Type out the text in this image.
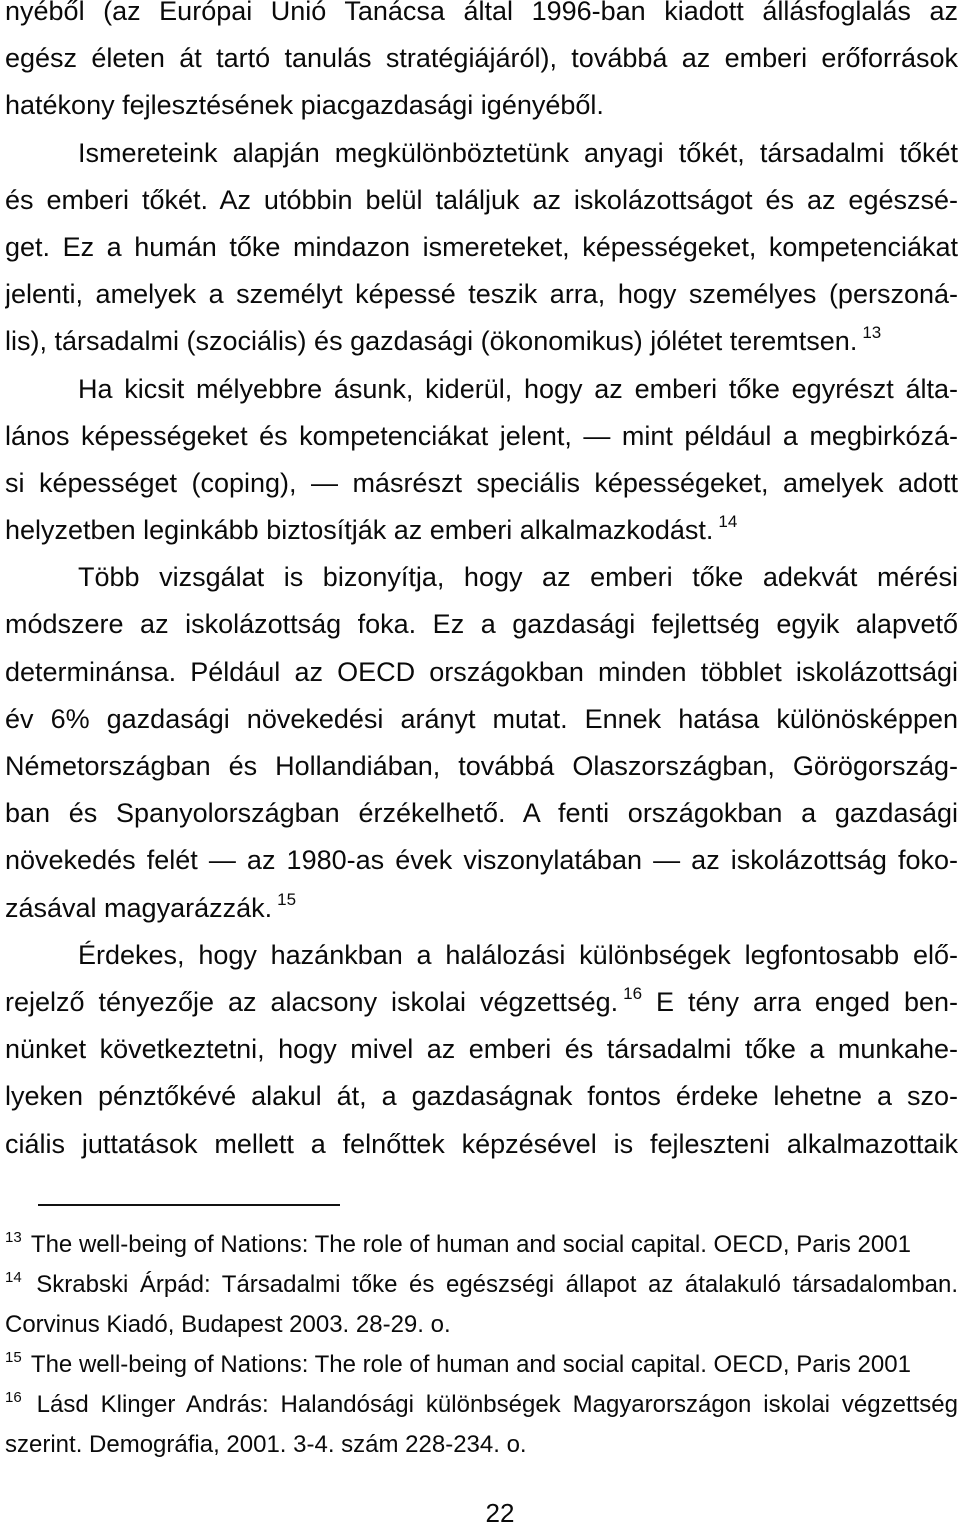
nyéből (az Európai Unió Tanácsa által 1996-ban kiadott állásfoglalás az
egész életen át tartó tanulás stratégiájáról), továbbá az emberi erőforrások
hatékony fejlesztésének piacgazdasági igényéből.
Ismereteink alapján megkülönböztetünk anyagi tőkét, társadalmi tőkét
és emberi tőkét. Az utóbbin belül találjuk az iskolázottságot és az egészsé-
get. Ez a humán tőke mindazon ismereteket, képességeket, kompetenciákat
jelenti, amelyek a személyt képessé teszik arra, hogy személyes (perszoná-
lis), társadalmi (szociális) és gazdasági (ökonomikus) jólétet teremtsen. $^{13}$
Ha kicsit mélyebbre ásunk, kiderül, hogy az emberi tőke egyrészt álta-
lános képességeket és kompetenciákat jelent, — mint például a megbirkózá-
si képességet (coping), — másrészt speciális képességeket, amelyek adott
helyzetben leginkább biztosítják az emberi alkalmazkodást. $^{14}$
Több vizsgálat is bizonyítja, hogy az emberi tőke adekvát mérési
módszere az iskolázottság foka. Ez a gazdasági fejlettség egyik alapvető
determinánsa. Például az OECD országokban minden többlet iskolázottsági
év 6% gazdasági növekedési arányt mutat. Ennek hatása különösképpen
Németországban és Hollandiában, továbbá Olaszországban, Görögország-
ban és Spanyolországban érzékelhető. A fenti országokban a gazdasági
növekedés felét — az 1980-as évek viszonylatában — az iskolázottság foko-
zásával magyarázzák. $^{15}$
Érdekes, hogy hazánkban a halálozási különbségek legfontosabb elő-
rejelző tényezője az alacsony iskolai végzettség. $^{16}$ E tény arra enged ben-
nünket következtetni, hogy mivel az emberi és társadalmi tőke a munkahe-
lyeken pénztőkévé alakul át, a gazdaságnak fontos érdeke lehetne a szo-
ciális juttatások mellett a felnőttek képzésével is fejleszteni alkalmazottaik
$^{13}$ The well-being of Nations: The role of human and social capital. OECD, Paris 2001
$^{14}$ Skrabski Árpád: Társadalmi tőke és egészségi állapot az átalakuló társadalomban.
Corvinus Kiadó, Budapest 2003. 28-29. o.
$^{15}$ The well-being of Nations: The role of human and social capital. OECD, Paris 2001
$^{16}$ Lásd Klinger András: Halandósági különbségek Magyarországon iskolai végzettség
szerint. Demográfia, 2001. 3-4. szám 228-234. o.
22
